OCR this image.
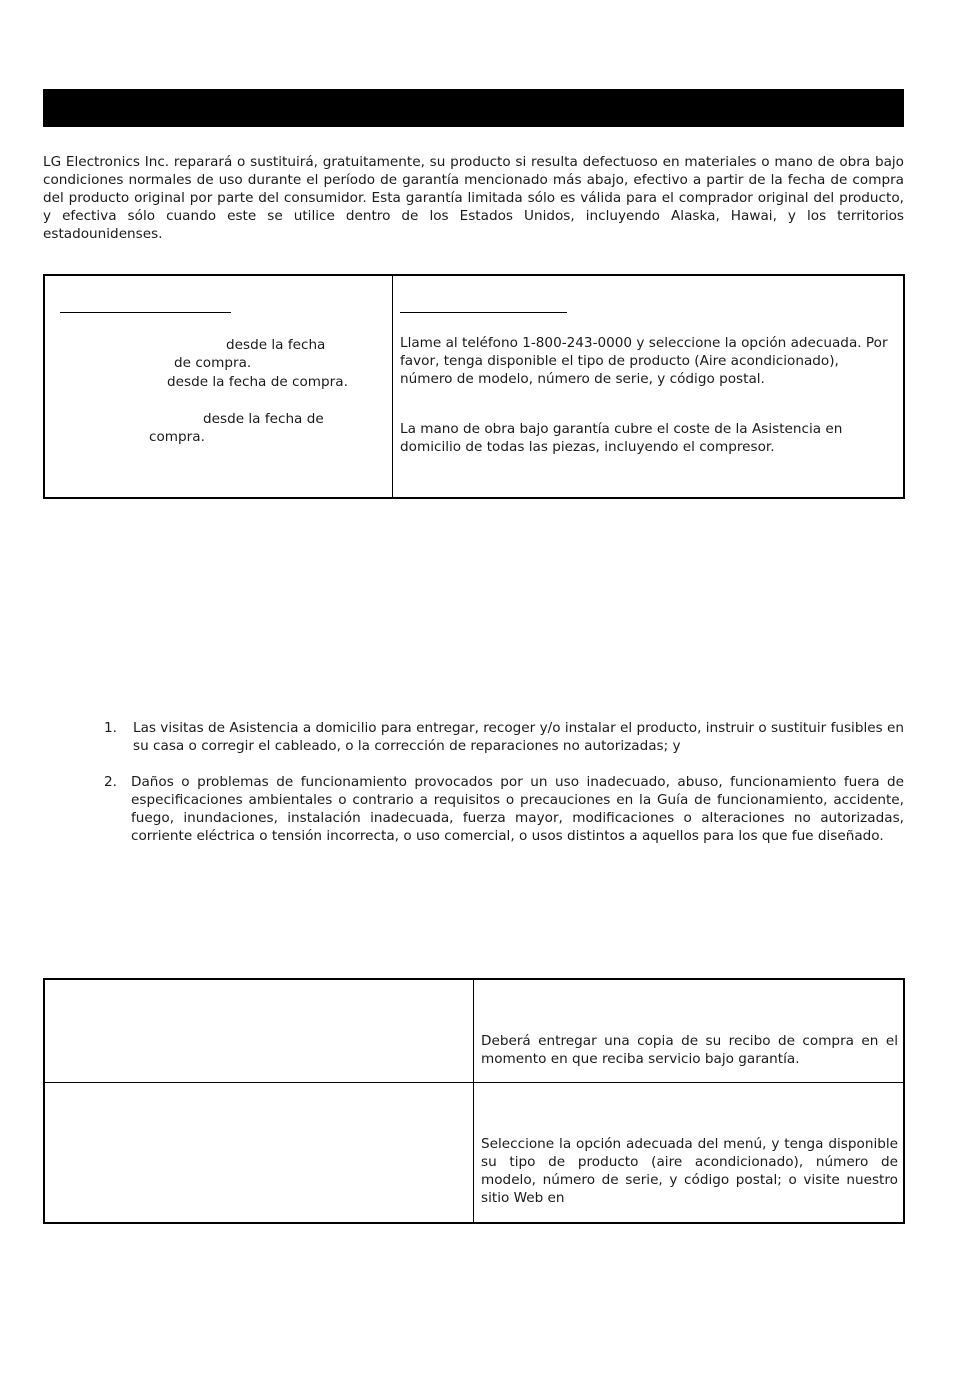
LG Electronics Inc. reparará o sustituirá, gratuitamente, su producto si resulta defectuoso en materiales o mano de obra bajo condiciones normales de uso durante el período de garantía mencionado más abajo, efectivo a partir de la fecha de compra del producto original por parte del consumidor. Esta garantía limitada sólo es válida para el comprador original del producto, y efectiva sólo cuando este se utilice dentro de los Estados Unidos, incluyendo Alaska, Hawai, y los territorios estadounidenses.

desde la fecha
de compra.
desde la fecha de compra.
desde la fecha de
compra.
Llame al teléfono 1-800-243-0000 y seleccione la opción adecuada. Por favor, tenga disponible el tipo de producto (Aire acondicionado), número de modelo, número de serie, y código postal.
La mano de obra bajo garantía cubre el coste de la Asistencia en domicilio de todas las piezas, incluyendo el compresor.
1. Las visitas de Asistencia a domicilio para entregar, recoger y/o instalar el producto, instruir o sustituir fusibles en su casa o corregir el cableado, o la corrección de reparaciones no autorizadas; y
2. Daños o problemas de funcionamiento provocados por un uso inadecuado, abuso, funcionamiento fuera de especificaciones ambientales o contrario a requisitos o precauciones en la Guía de funcionamiento, accidente, fuego, inundaciones, instalación inadecuada, fuerza mayor, modificaciones o alteraciones no autorizadas, corriente eléctrica o tensión incorrecta, o uso comercial, o usos distintos a aquellos para los que fue diseñado.
Deberá entregar una copia de su recibo de compra en el momento en que reciba servicio bajo garantía.
Seleccione la opción adecuada del menú, y tenga disponible su tipo de producto (aire acondicionado), número de modelo, número de serie, y código postal; o visite nuestro sitio Web en
